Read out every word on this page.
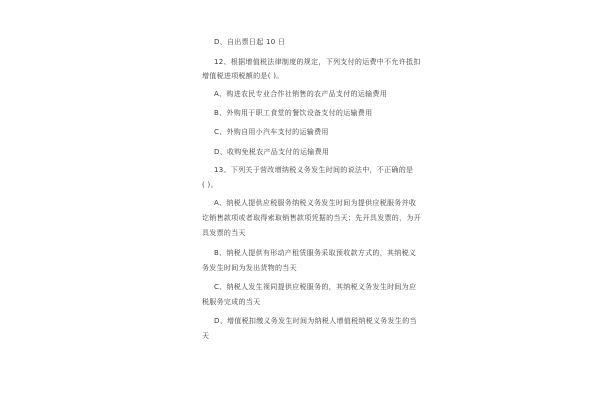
D、自出票日起 10 日
12、根据增值税法律制度的规定，下列支付的运费中不允许抵扣
增值税进项税额的是( )。
A、购进农民专业合作社销售的农产品支付的运输费用
B、外购用于职工食堂的餐饮设备支付的运输费用
C、外购自用小汽车支付的运输费用
D、收购免税农产品支付的运输费用
13、下列关于营改增纳税义务发生时间的说法中，不正确的是
( )。
A、纳税人提供应税服务纳税义务发生时间为提供应税服务并收
讫销售款项或者取得索取销售款项凭据的当天；先开具发票的，为开
具发票的当天
B、纳税人提供有形动产租赁服务采取预收款方式的，其纳税义
务发生时间为发出货物的当天
C、纳税人发生视同提供应税服务的，其纳税义务发生时间为应
税服务完成的当天
D、增值税扣缴义务发生时间为纳税人增值税纳税义务发生的当
天
